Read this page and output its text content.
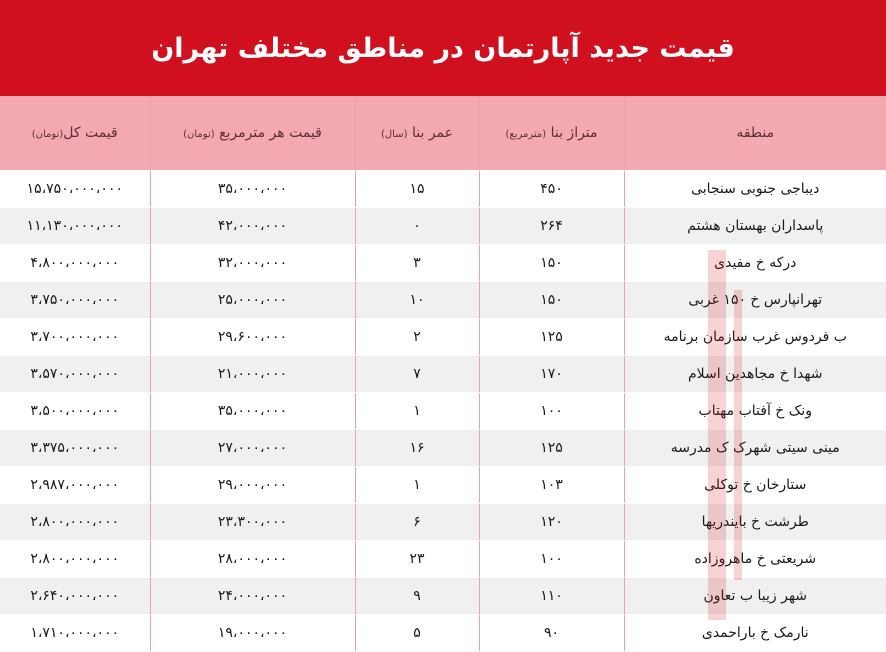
قیمت جدید آپارتمان در مناطق مختلف تهران
قیمت کل(تومان)	قیمت هر مترمربع (تومان)	عمر بنا (سال)	متراژ بنا (مترمربع)	منطقه
۱۵،۷۵۰،۰۰۰،۰۰۰	۳۵،۰۰۰،۰۰۰	۱۵	۴۵۰	دیباجی جنوبی سنجابی
۱۱،۱۳۰،۰۰۰،۰۰۰	۴۲،۰۰۰،۰۰۰	۰	۲۶۴	پاسداران بهستان هشتم
۴،۸۰۰،۰۰۰،۰۰۰	۳۲،۰۰۰،۰۰۰	۳	۱۵۰	درکه خ مفیدی
۳،۷۵۰،۰۰۰،۰۰۰	۲۵،۰۰۰،۰۰۰	۱۰	۱۵۰	تهرانپارس خ ۱۵۰ غربی
۳،۷۰۰،۰۰۰،۰۰۰	۲۹،۶۰۰،۰۰۰	۲	۱۲۵	ب فردوس غرب سازمان برنامه
۳،۵۷۰،۰۰۰،۰۰۰	۲۱،۰۰۰،۰۰۰	۷	۱۷۰	شهدا خ مجاهدین اسلام
۳،۵۰۰،۰۰۰،۰۰۰	۳۵،۰۰۰،۰۰۰	۱	۱۰۰	ونک خ آفتاب مهتاب
۳،۳۷۵،۰۰۰،۰۰۰	۲۷،۰۰۰،۰۰۰	۱۶	۱۲۵	مینی سیتی شهرک ک مدرسه
۲،۹۸۷،۰۰۰،۰۰۰	۲۹،۰۰۰،۰۰۰	۱	۱۰۳	ستارخان خ توکلی
۲،۸۰۰،۰۰۰،۰۰۰	۲۳،۳۰۰،۰۰۰	۶	۱۲۰	طرشت خ بایندریها
۲،۸۰۰،۰۰۰،۰۰۰	۲۸،۰۰۰،۰۰۰	۲۳	۱۰۰	شریعتی خ ماهروزاده
۲،۶۴۰،۰۰۰،۰۰۰	۲۴،۰۰۰،۰۰۰	۹	۱۱۰	شهر زیبا ب تعاون
۱،۷۱۰،۰۰۰،۰۰۰	۱۹،۰۰۰،۰۰۰	۵	۹۰	نارمک خ باراحمدی
